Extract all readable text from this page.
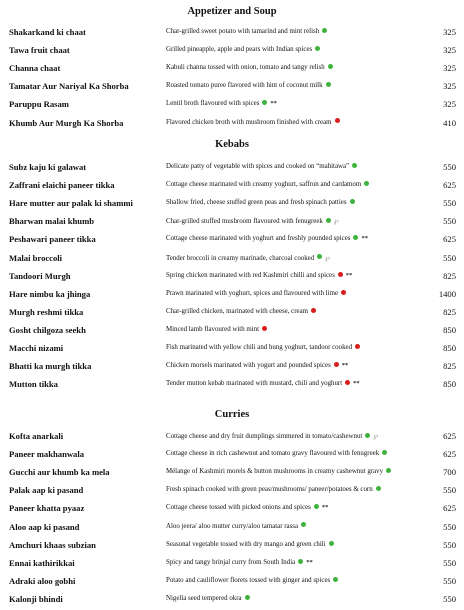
Appetizer and Soup
Shakarkand ki chaat	Char-grilled sweet potato with tamarind and mint relish	325
Tawa fruit chaat	Grilled pineapple, apple and pears with Indian spices	325
Channa chaat	Kabuli channa tossed with onion, tomato and tangy relish	325
Tamatar Aur Nariyal Ka Shorba	Roasted tomato puree flavored with hint of coconut milk	325
Paruppu Rasam	Lentil broth flavoured with spices **	325
Khumb Aur Murgh Ka Shorba	Flavored chicken broth with mushroom finished with cream	410
Kebabs
Subz kaju ki galawat	Delicate patty of vegetable with spices and cooked on “mahitawa”	550
Zaffrani elaichi paneer tikka	Cottage cheese marinated with creamy yoghurt, saffron and cardamom	625
Hare mutter aur palak ki shammi	Shallow fried, cheese stuffed green peas and fresh spinach patties	550
Bharwan malai khumb	Char-grilled stuffed mushroom flavoured with fenugreek ℘	550
Peshawari paneer tikka	Cottage cheese marinated with yoghurt and freshly pounded spices **	625
Malai broccoli	Tender broccoli in creamy marinade, charcoal cooked ℘	550
Tandoori Murgh	Spring chicken marinated with red Kashmiri chilli and spices **	825
Hare nimbu ka jhinga	Prawn marinated with yoghurt, spices and flavoured with lime	1400
Murgh reshmi tikka	Char-grilled chicken, marinated with cheese, cream	825
Gosht chilgoza seekh	Minced lamb flavoured with mint	850
Macchi nizami	Fish marinated with yellow chili and hung yoghurt, tandoor cooked	850
Bhatti ka murgh tikka	Chicken morsels marinated with yogurt and pounded spices **	825
Mutton tikka	Tender mutton kebab marinated with mustard, chili and yoghurt **	850
Curries
Kofta anarkali	Cottage cheese and dry fruit dumplings simmered in tomato/cashewnut ℘	625
Paneer makhanwala	Cottage cheese in rich cashewnut and tomato gravy flavoured with fenugreek	625
Gucchi aur khumb ka mela	Mélange of Kashmiri morels & button mushrooms in creamy cashewnut gravy	700
Palak aap ki pasand	Fresh spinach cooked with green peas/mushrooms/ paneer/potatoes & corn	550
Paneer khatta pyaaz	Cottage cheese tossed with picked onions and spices **	625
Aloo aap ki pasand	Aloo jeera/ aloo mutter curry/aloo tamatar rassa	550
Amchuri khaas subzian	Seasonal vegetable tossed with dry mango and green chili	550
Ennai kathirikkai	Spicy and tangy brinjal curry from South India **	550
Adraki aloo gobhi	Potato and cauliflower florets tossed with ginger and spices	550
Kalonji bhindi	Nigella seed tempered okra	550
